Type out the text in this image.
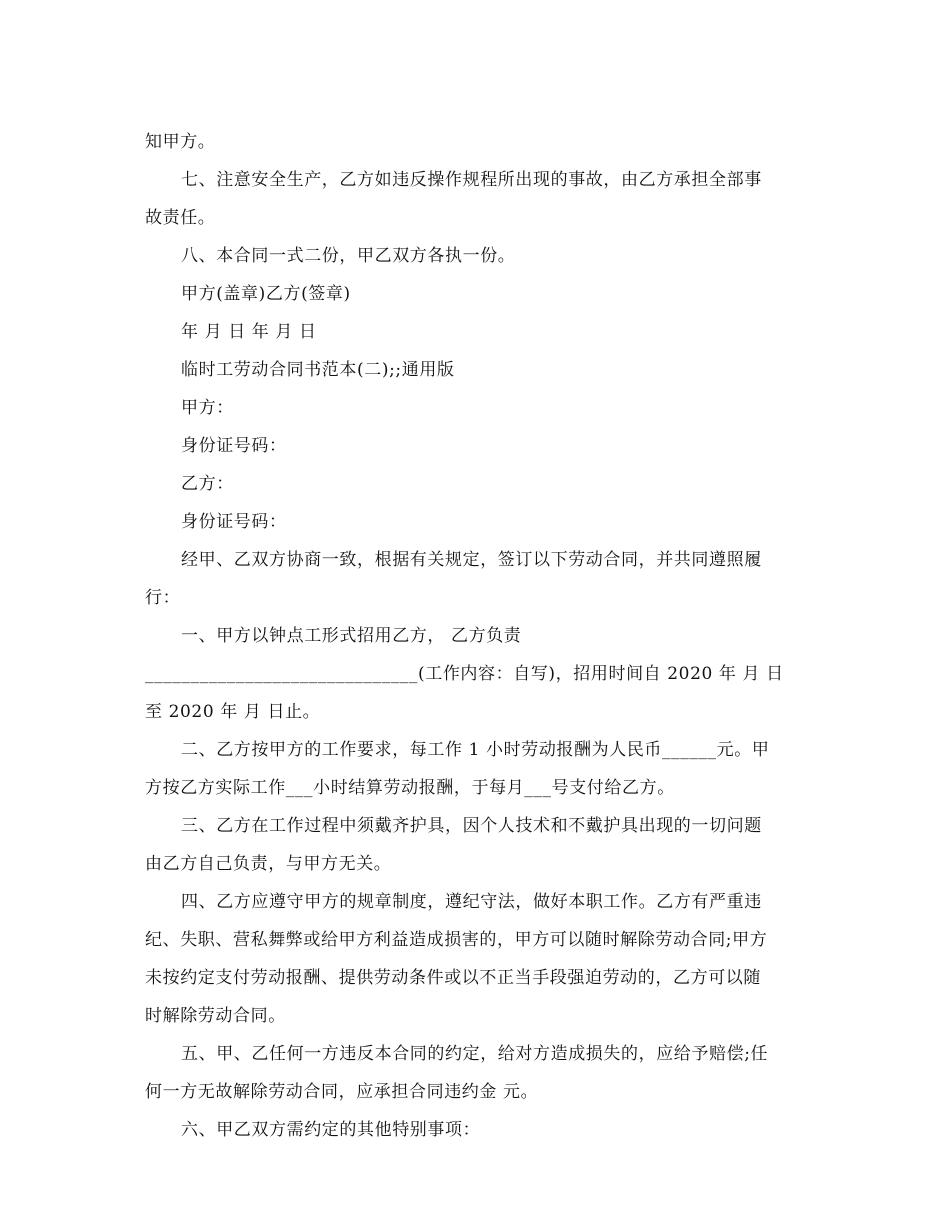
知甲方。
七、注意安全生产，乙方如违反操作规程所出现的事故，由乙方承担全部事
故责任。
八、本合同一式二份，甲乙双方各执一份。
甲方(盖章)乙方(签章)
年 月 日 年 月 日
临时工劳动合同书范本(二);;通用版
甲方：
身份证号码：
乙方：
身份证号码：
经甲、乙双方协商一致，根据有关规定，签订以下劳动合同，并共同遵照履
行：
一、甲方以钟点工形式招用乙方， 乙方负责
______________________________(工作内容：自写)，招用时间自 2020 年 月 日
至 2020 年 月 日止。
二、乙方按甲方的工作要求，每工作 1 小时劳动报酬为人民币______元。甲
方按乙方实际工作___小时结算劳动报酬，于每月___号支付给乙方。
三、乙方在工作过程中须戴齐护具，因个人技术和不戴护具出现的一切问题
由乙方自己负责，与甲方无关。
四、乙方应遵守甲方的规章制度，遵纪守法，做好本职工作。乙方有严重违
纪、失职、营私舞弊或给甲方利益造成损害的，甲方可以随时解除劳动合同;甲方
未按约定支付劳动报酬、提供劳动条件或以不正当手段强迫劳动的，乙方可以随
时解除劳动合同。
五、甲、乙任何一方违反本合同的约定，给对方造成损失的，应给予赔偿;任
何一方无故解除劳动合同，应承担合同违约金 元。
六、甲乙双方需约定的其他特别事项：
